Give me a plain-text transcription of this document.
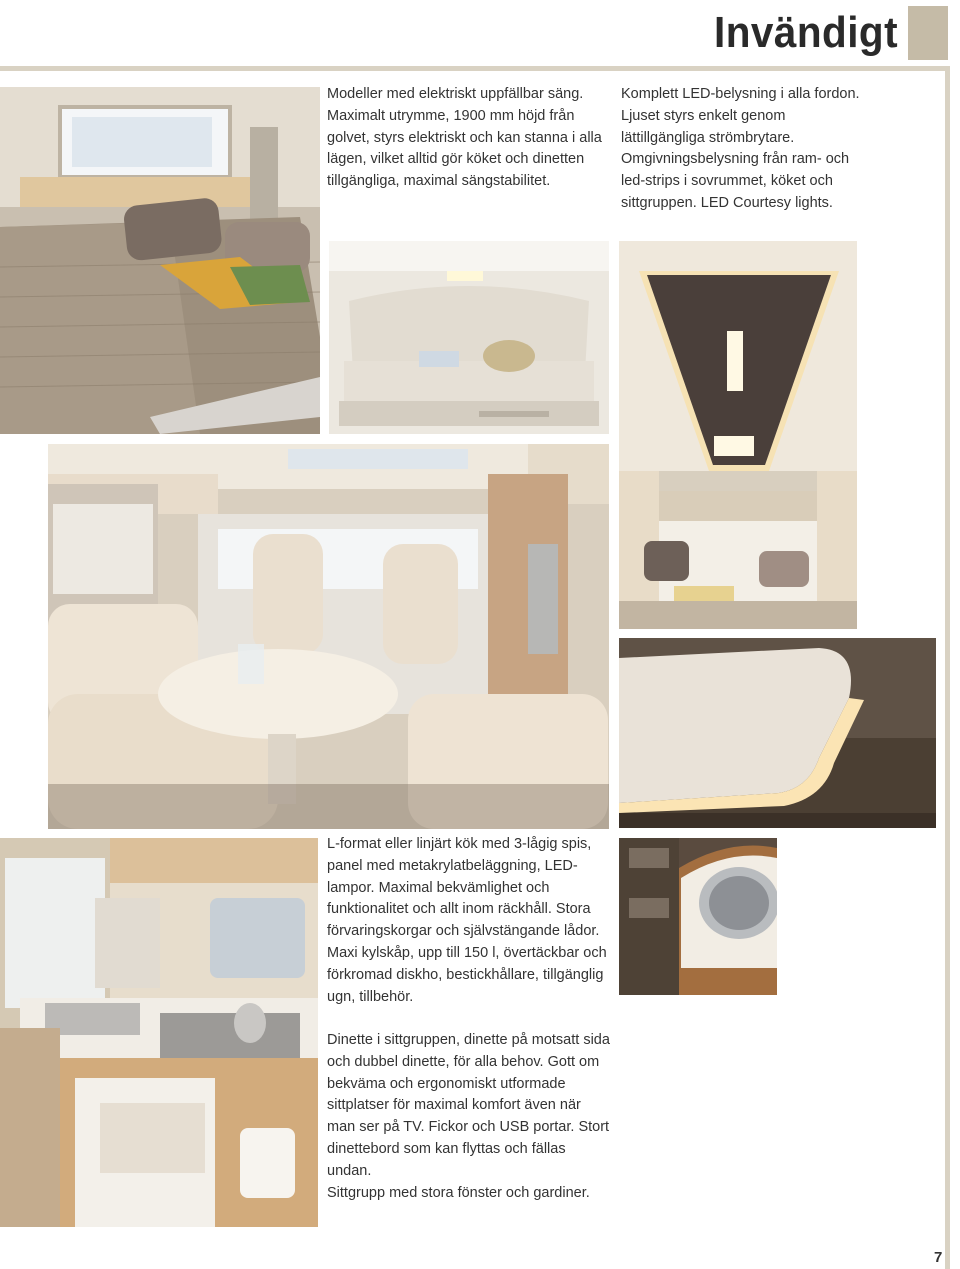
Invändigt
Modeller med elektriskt uppfällbar säng. Maximalt utrymme, 1900 mm höjd från golvet, styrs elektriskt och kan stanna i alla lägen, vilket alltid gör köket och dinetten tillgängliga, maximal sängstabilitet.
Komplett LED-belysning i alla fordon. Ljuset styrs enkelt genom lättillgängliga strömbrytare. Omgivningsbelysning från ram- och led-strips i sovrummet, köket och sittgruppen. LED Courtesy lights.
L-format eller linjärt kök med 3-lågig spis, panel med metakrylatbeläggning, LED-lampor. Maximal bekvämlighet och funktionalitet och allt inom räckhåll. Stora förvaringskorgar och självstängande lådor. Maxi kylskåp, upp till 150 l, övertäckbar och förkromad diskho, bestickhållare, tillgänglig ugn, tillbehör.
Dinette i sittgruppen, dinette på motsatt sida och dubbel dinette, för alla behov. Gott om bekväma och ergonomiskt utformade sittplatser för maximal komfort även när man ser på TV. Fickor och USB portar. Stort dinettebord som kan flyttas och fällas undan.
Sittgrupp med stora fönster och gardiner.
7
